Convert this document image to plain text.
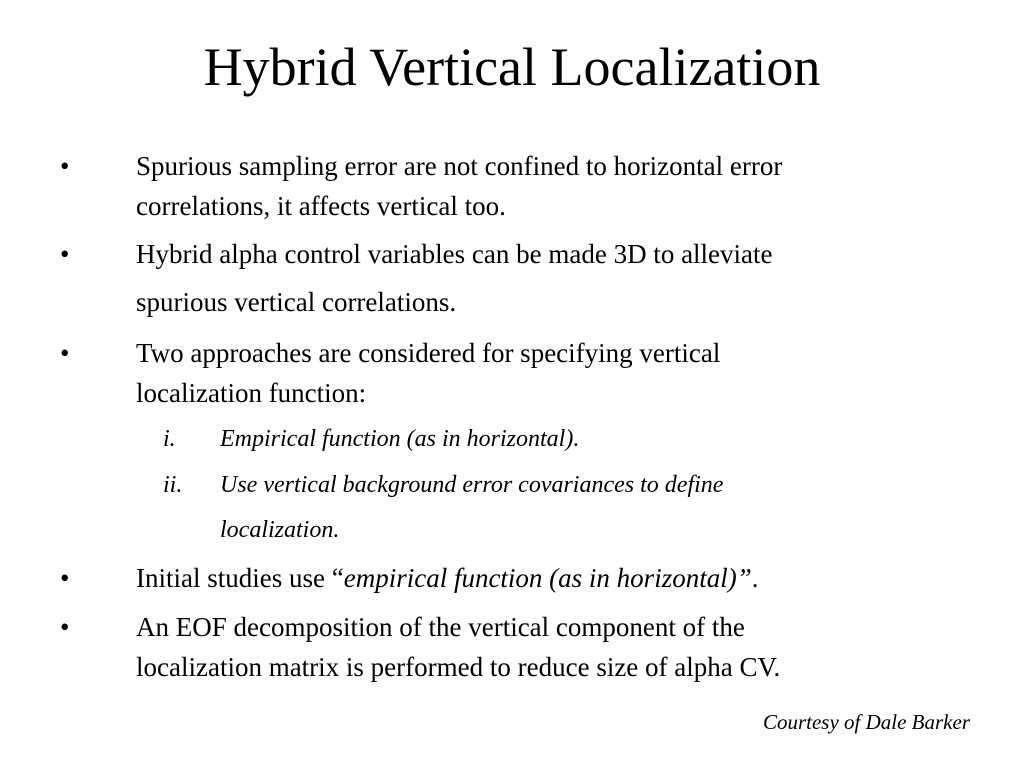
Hybrid Vertical Localization
•	Spurious sampling error are not confined to horizontal error
correlations, it affects vertical too.
•	Hybrid alpha control variables can be made 3D to alleviate
spurious vertical correlations.
•	Two approaches are considered for specifying vertical
localization function:
i. Empirical function (as in horizontal).
ii. Use vertical background error covariances to define
localization.
•	Initial studies use “empirical function (as in horizontal)”.
•	An EOF decomposition of the vertical component of the
localization matrix is performed to reduce size of alpha CV.
Courtesy of Dale Barker
